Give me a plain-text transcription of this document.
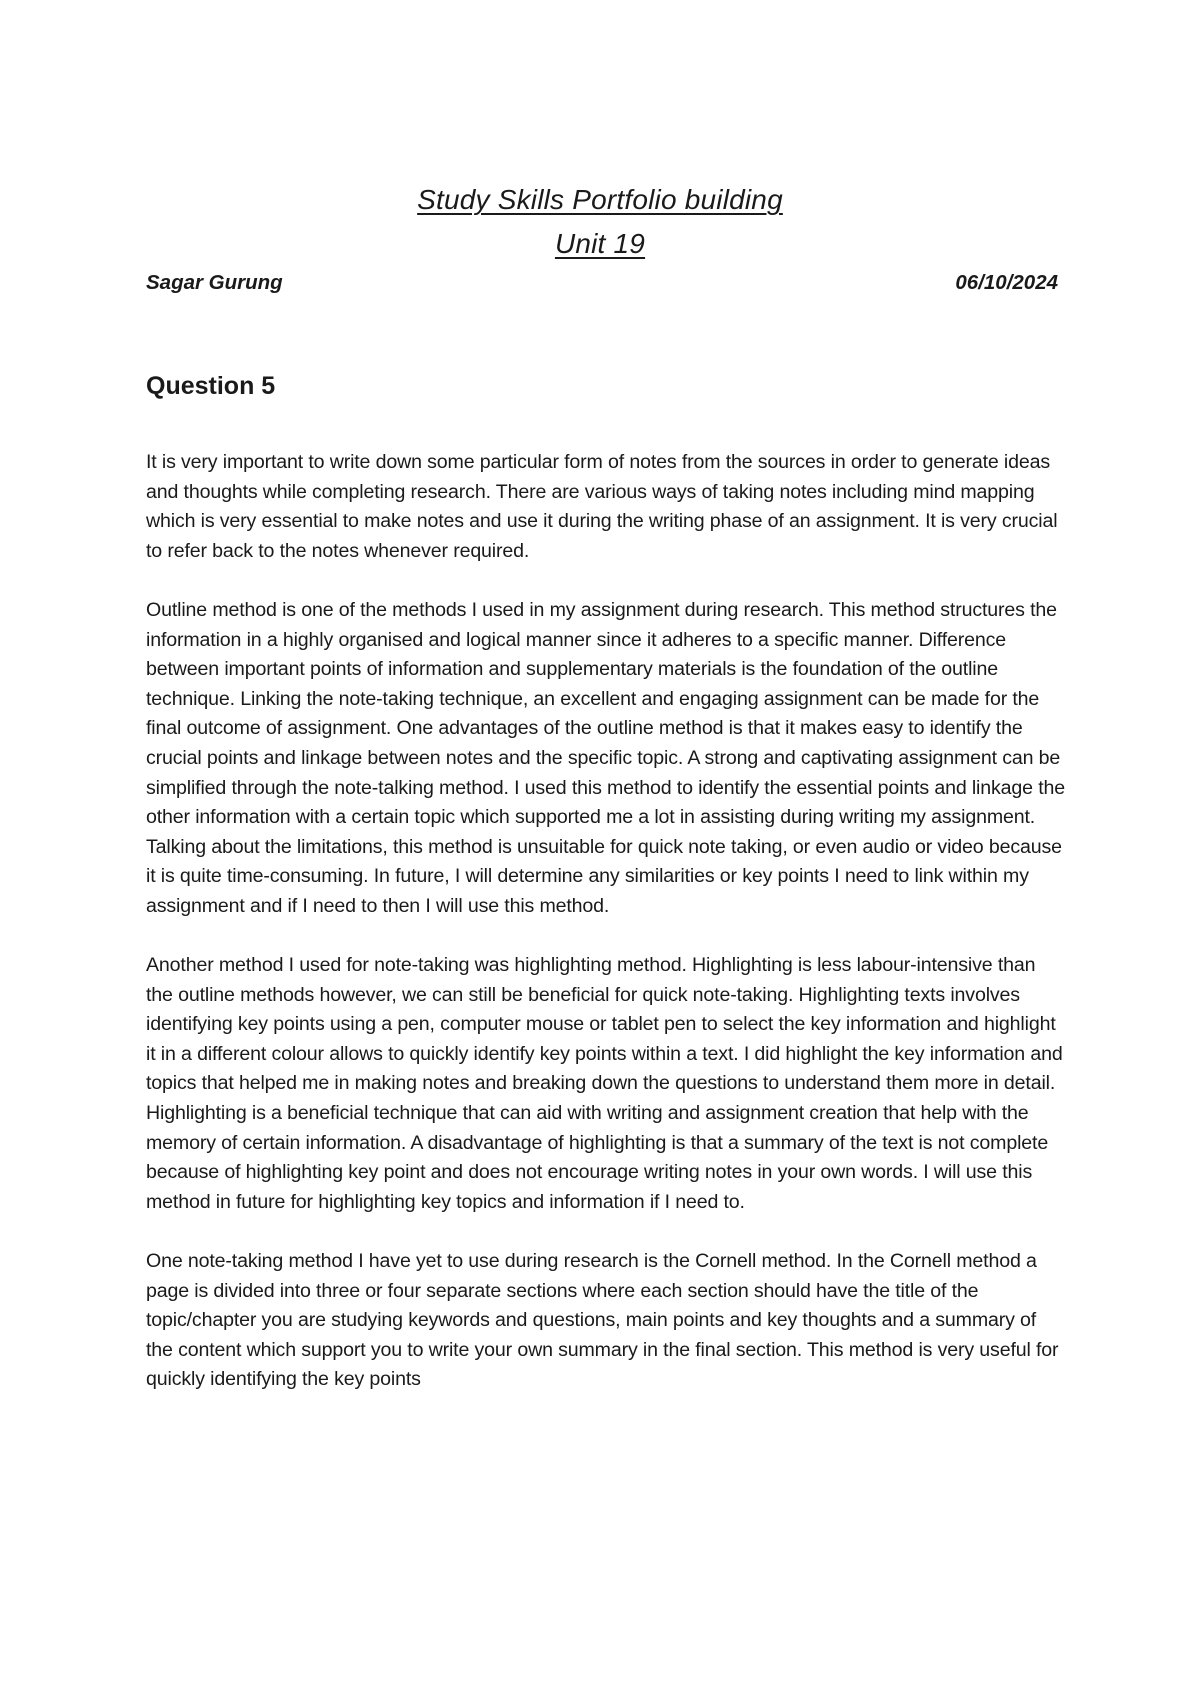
Study Skills Portfolio building
Unit 19
Sagar Gurung	06/10/2024
Question 5

It is very important to write down some particular form of notes from the sources in order to generate ideas and thoughts while completing research. There are various ways of taking notes including mind mapping which is very essential to make notes and use it during the writing phase of an assignment. It is very crucial to refer back to the notes whenever required.

Outline method is one of the methods I used in my assignment during research. This method structures the information in a highly organised and logical manner since it adheres to a specific manner. Difference between important points of information and supplementary materials is the foundation of the outline technique. Linking the note-taking technique, an excellent and engaging assignment can be made for the final outcome of assignment. One advantages of the outline method is that it makes easy to identify the crucial points and linkage between notes and the specific topic. A strong and captivating assignment can be simplified through the note-talking method. I used this method to identify the essential points and linkage the other information with a certain topic which supported me a lot in assisting during writing my assignment. Talking about the limitations, this method is unsuitable for quick note taking, or even audio or video because it is quite time-consuming. In future, I will determine any similarities or key points I need to link within my assignment and if I need to then I will use this method.

Another method I used for note-taking was highlighting method. Highlighting is less labour-intensive than the outline methods however, we can still be beneficial for quick note-taking. Highlighting texts involves identifying key points using a pen, computer mouse or tablet pen to select the key information and highlight it in a different colour allows to quickly identify key points within a text. I did highlight the key information and topics that helped me in making notes and breaking down the questions to understand them more in detail. Highlighting is a beneficial technique that can aid with writing and assignment creation that help with the memory of certain information. A disadvantage of highlighting is that a summary of the text is not complete because of highlighting key point and does not encourage writing notes in your own words. I will use this method in future for highlighting key topics and information if I need to.

One note-taking method I have yet to use during research is the Cornell method. In the Cornell method a page is divided into three or four separate sections where each section should have the title of the topic/chapter you are studying keywords and questions, main points and key thoughts and a summary of the content which support you to write your own summary in the final section. This method is very useful for quickly identifying the key points
